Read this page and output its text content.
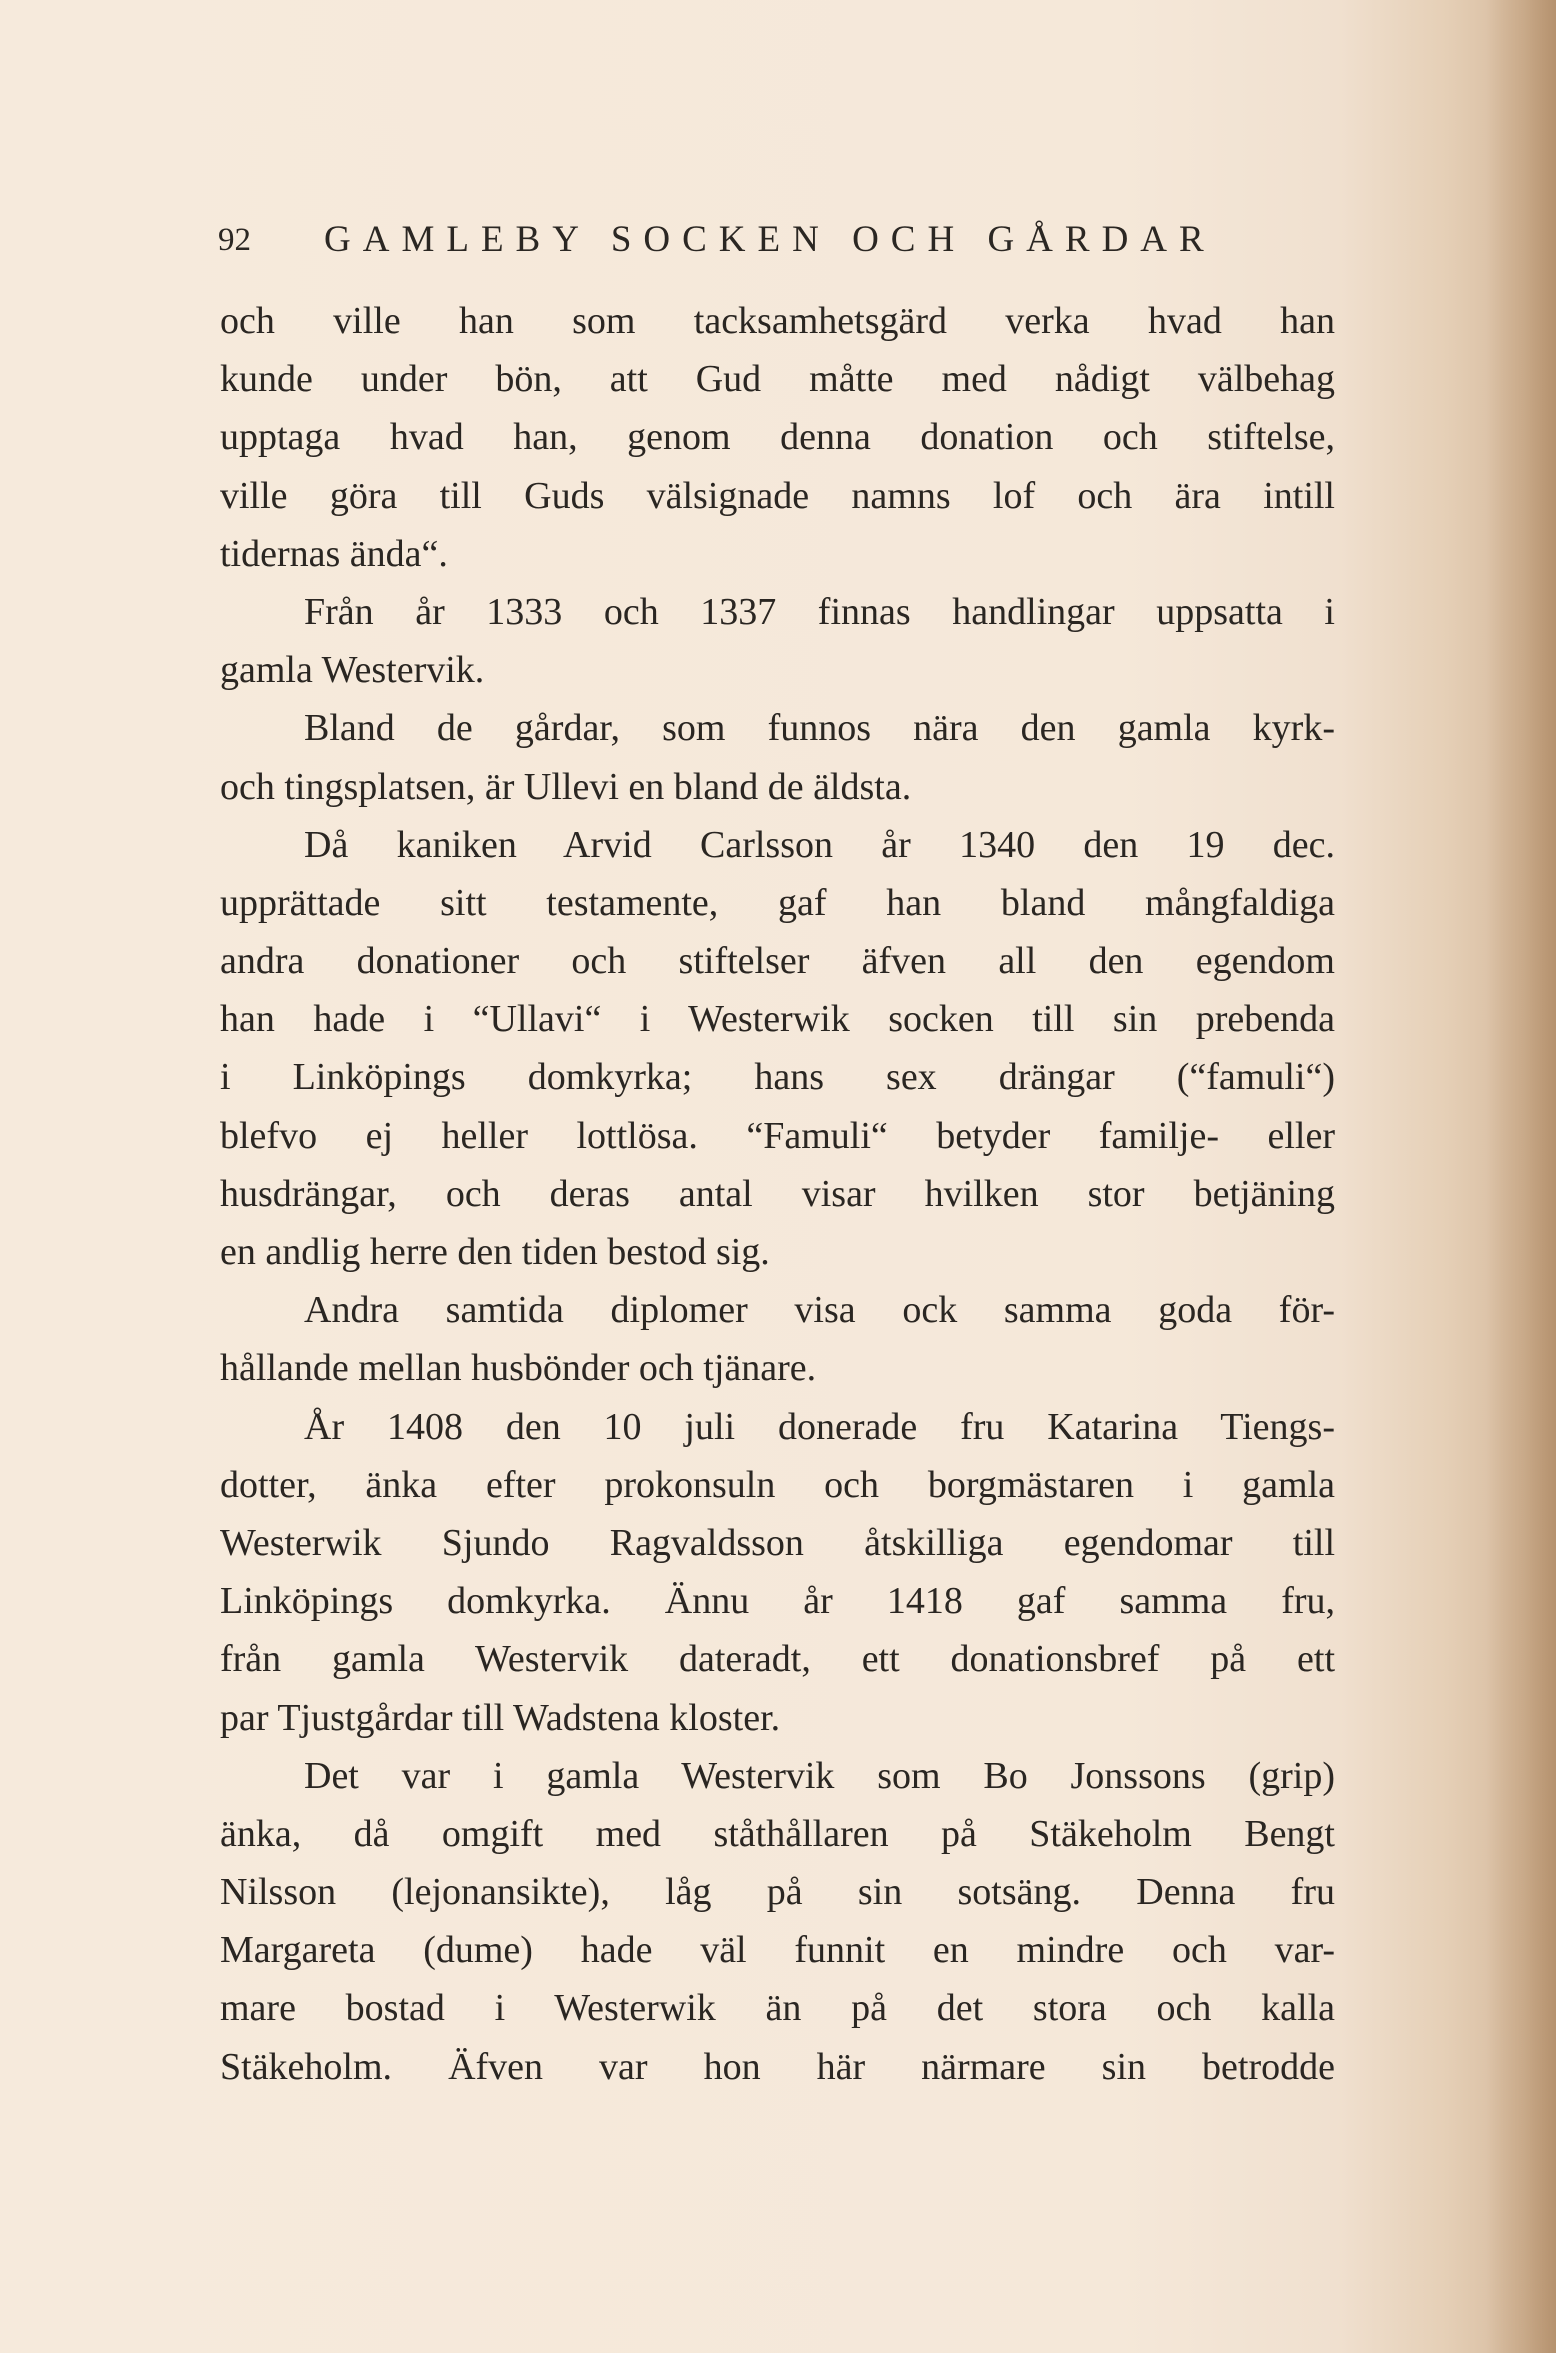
92 GAMLEBY SOCKEN OCH GÅRDAR
och ville han som tacksamhetsgärd verka hvad han
kunde under bön, att Gud måtte med nådigt välbehag
upptaga hvad han, genom denna donation och stiftelse,
ville göra till Guds välsignade namns lof och ära intill
tidernas ända“.
Från år 1333 och 1337 finnas handlingar uppsatta i
gamla Westervik.
Bland de gårdar, som funnos nära den gamla kyrk-
och tingsplatsen, är Ullevi en bland de äldsta.
Då kaniken Arvid Carlsson år 1340 den 19 dec.
upprättade sitt testamente, gaf han bland mångfaldiga
andra donationer och stiftelser äfven all den egendom
han hade i “Ullavi“ i Westerwik socken till sin prebenda
i Linköpings domkyrka; hans sex drängar (“famuli“)
blefvo ej heller lottlösa. “Famuli“ betyder familje- eller
husdrängar, och deras antal visar hvilken stor betjäning
en andlig herre den tiden bestod sig.
Andra samtida diplomer visa ock samma goda för-
hållande mellan husbönder och tjänare.
År 1408 den 10 juli donerade fru Katarina Tiengs-
dotter, änka efter prokonsuln och borgmästaren i gamla
Westerwik Sjundo Ragvaldsson åtskilliga egendomar till
Linköpings domkyrka. Ännu år 1418 gaf samma fru,
från gamla Westervik dateradt, ett donationsbref på ett
par Tjustgårdar till Wadstena kloster.
Det var i gamla Westervik som Bo Jonssons (grip)
änka, då omgift med ståthållaren på Stäkeholm Bengt
Nilsson (lejonansikte), låg på sin sotsäng. Denna fru
Margareta (dume) hade väl funnit en mindre och var-
mare bostad i Westerwik än på det stora och kalla
Stäkeholm. Äfven var hon här närmare sin betrodde
